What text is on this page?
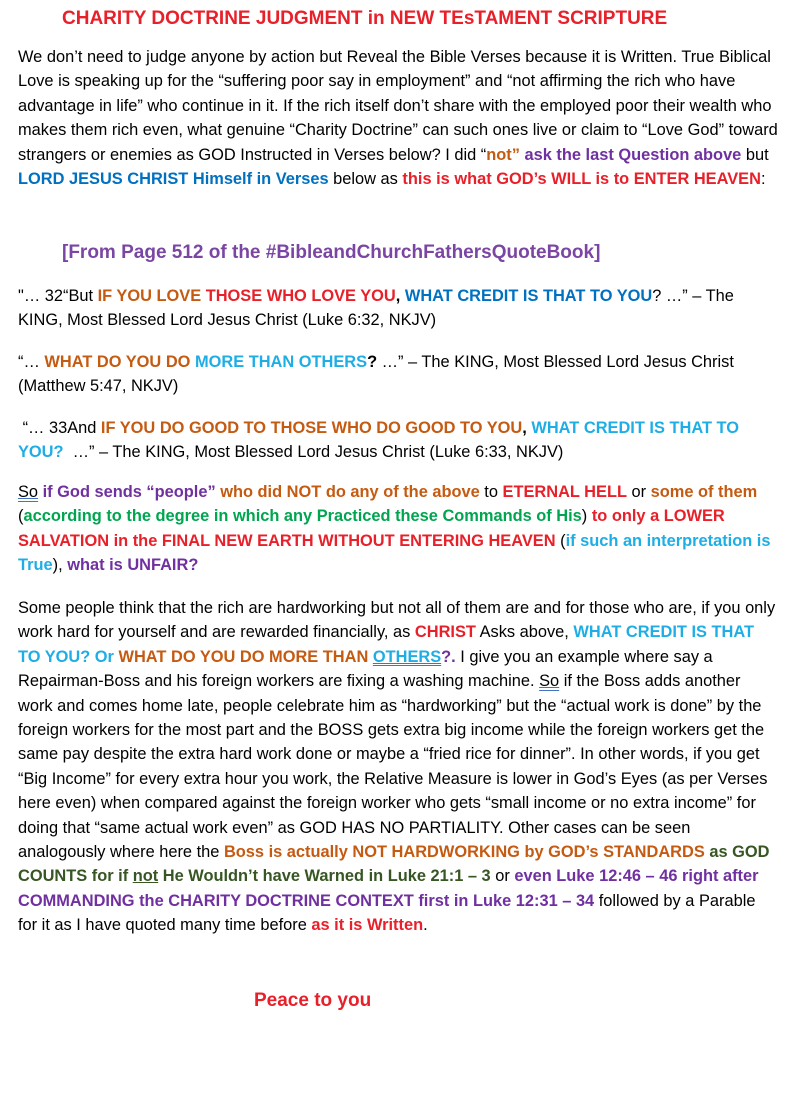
CHARITY DOCTRINE JUDGMENT in NEW TEsTAMENT SCRIPTURE
We don’t need to judge anyone by action but Reveal the Bible Verses because it is Written. True Biblical Love is speaking up for the “suffering poor say in employment” and “not affirming the rich who have advantage in life” who continue in it. If the rich itself don’t share with the employed poor their wealth who makes them rich even, what genuine “Charity Doctrine” can such ones live or claim to “Love God” toward strangers or enemies as GOD Instructed in Verses below? I did “not” ask the last Question above but LORD JESUS CHRIST Himself in Verses below as this is what GOD’s WILL is to ENTER HEAVEN:
[From Page 512 of the #BibleandChurchFathersQuoteBook]
"… 32“But IF YOU LOVE THOSE WHO LOVE YOU, WHAT CREDIT IS THAT TO YOU? …” – The KING, Most Blessed Lord Jesus Christ (Luke 6:32, NKJV)
“… WHAT DO YOU DO MORE THAN OTHERS? …” – The KING, Most Blessed Lord Jesus Christ (Matthew 5:47, NKJV)
“… 33And IF YOU DO GOOD TO THOSE WHO DO GOOD TO YOU, WHAT CREDIT IS THAT TO YOU?  …” – The KING, Most Blessed Lord Jesus Christ (Luke 6:33, NKJV)
So if God sends “people” who did NOT do any of the above to ETERNAL HELL or some of them (according to the degree in which any Practiced these Commands of His) to only a LOWER SALVATION in the FINAL NEW EARTH WITHOUT ENTERING HEAVEN (if such an interpretation is True), what is UNFAIR?
Some people think that the rich are hardworking but not all of them are and for those who are, if you only work hard for yourself and are rewarded financially, as CHRIST Asks above, WHAT CREDIT IS THAT TO YOU? Or WHAT DO YOU DO MORE THAN OTHERS?. I give you an example where say a Repairman-Boss and his foreign workers are fixing a washing machine. So if the Boss adds another work and comes home late, people celebrate him as “hardworking” but the “actual work is done” by the foreign workers for the most part and the BOSS gets extra big income while the foreign workers get the same pay despite the extra hard work done or maybe a “fried rice for dinner”. In other words, if you get “Big Income” for every extra hour you work, the Relative Measure is lower in God’s Eyes (as per Verses here even) when compared against the foreign worker who gets “small income or no extra income” for doing that “same actual work even” as GOD HAS NO PARTIALITY. Other cases can be seen analogously where here the Boss is actually NOT HARDWORKING by GOD’s STANDARDS as GOD COUNTS for if not He Wouldn’t have Warned in Luke 21:1 – 3 or even Luke 12:46 – 46 right after COMMANDING the CHARITY DOCTRINE CONTEXT first in Luke 12:31 – 34 followed by a Parable for it as I have quoted many time before as it is Written.
Peace to you
